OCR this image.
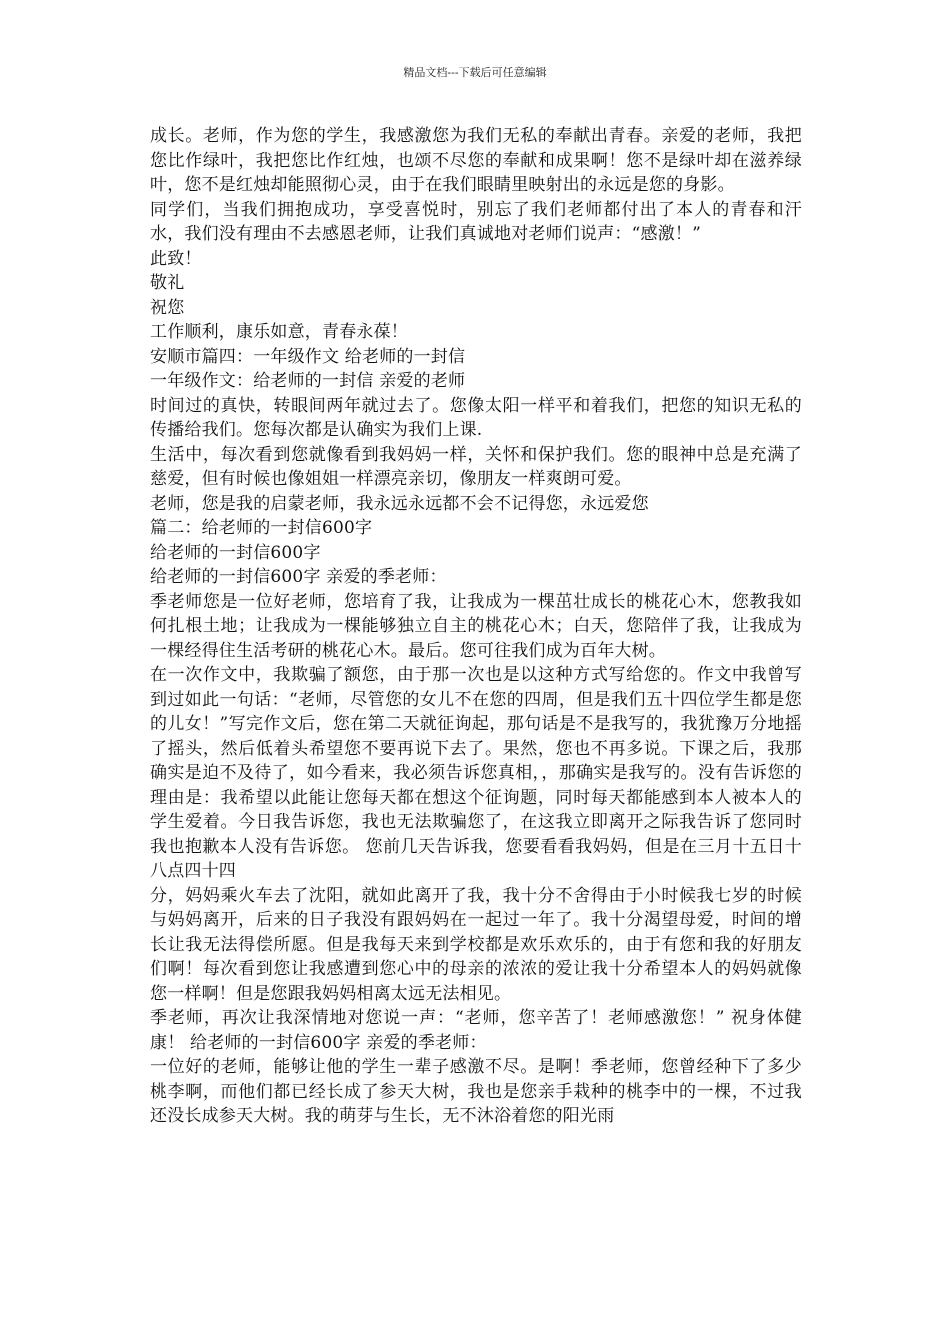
精品文档---下载后可任意编辑

成长。老师，作为您的学生，我感激您为我们无私的奉献出青春。亲爱的老师，我把您比作绿叶，我把您比作红烛，也颂不尽您的奉献和成果啊！您不是绿叶却在滋养绿叶，您不是红烛却能照彻心灵，由于在我们眼睛里映射出的永远是您的身影。

同学们，当我们拥抱成功，享受喜悦时，别忘了我们老师都付出了本人的青春和汗水，我们没有理由不去感恩老师，让我们真诚地对老师们说声：“感激！”

此致！

敬礼

祝您

工作顺利，康乐如意，青春永葆！

安顺市篇四：一年级作文 给老师的一封信

一年级作文：给老师的一封信 亲爱的老师

时间过的真快，转眼间两年就过去了。您像太阳一样平和着我们，把您的知识无私的传播给我们。您每次都是认确实为我们上课.

生活中，每次看到您就像看到我妈妈一样，关怀和保护我们。您的眼神中总是充满了慈爱，但有时候也像姐姐一样漂亮亲切，像朋友一样爽朗可爱。

老师，您是我的启蒙老师，我永远永远都不会不记得您，永远爱您

篇二：给老师的一封信600字

给老师的一封信600字

给老师的一封信600字 亲爱的季老师：

季老师您是一位好老师，您培育了我，让我成为一棵茁壮成长的桃花心木，您教我如何扎根土地；让我成为一棵能够独立自主的桃花心木；白天，您陪伴了我，让我成为一棵经得住生活考研的桃花心木。最后。您可往我们成为百年大树。

在一次作文中，我欺骗了额您，由于那一次也是以这种方式写给您的。作文中我曾写到过如此一句话：“老师，尽管您的女儿不在您的四周，但是我们五十四位学生都是您的儿女！”写完作文后，您在第二天就征询起，那句话是不是我写的，我犹豫万分地摇了摇头，然后低着头希望您不要再说下去了。果然，您也不再多说。下课之后，我那确实是迫不及待了，如今看来，我必须告诉您真相，，那确实是我写的。没有告诉您的理由是：我希望以此能让您每天都在想这个征询题，同时每天都能感到本人被本人的学生爱着。今日我告诉您，我也无法欺骗您了，在这我立即离开之际我告诉了您同时我也抱歉本人没有告诉您。 您前几天告诉我，您要看看我妈妈，但是在三月十五日十八点四十四

分，妈妈乘火车去了沈阳，就如此离开了我，我十分不舍得由于小时候我七岁的时候与妈妈离开，后来的日子我没有跟妈妈在一起过一年了。我十分渴望母爱，时间的增长让我无法得偿所愿。但是我每天来到学校都是欢乐欢乐的，由于有您和我的好朋友们啊！每次看到您让我感遭到您心中的母亲的浓浓的爱让我十分希望本人的妈妈就像您一样啊！但是您跟我妈妈相离太远无法相见。

季老师，再次让我深情地对您说一声：“老师，您辛苦了！老师感激您！” 祝身体健康！ 给老师的一封信600字 亲爱的季老师：

一位好的老师，能够让他的学生一辈子感激不尽。是啊！季老师，您曾经种下了多少桃李啊，而他们都已经长成了参天大树，我也是您亲手栽种的桃李中的一棵，不过我还没长成参天大树。我的萌芽与生长，无不沐浴着您的阳光雨
